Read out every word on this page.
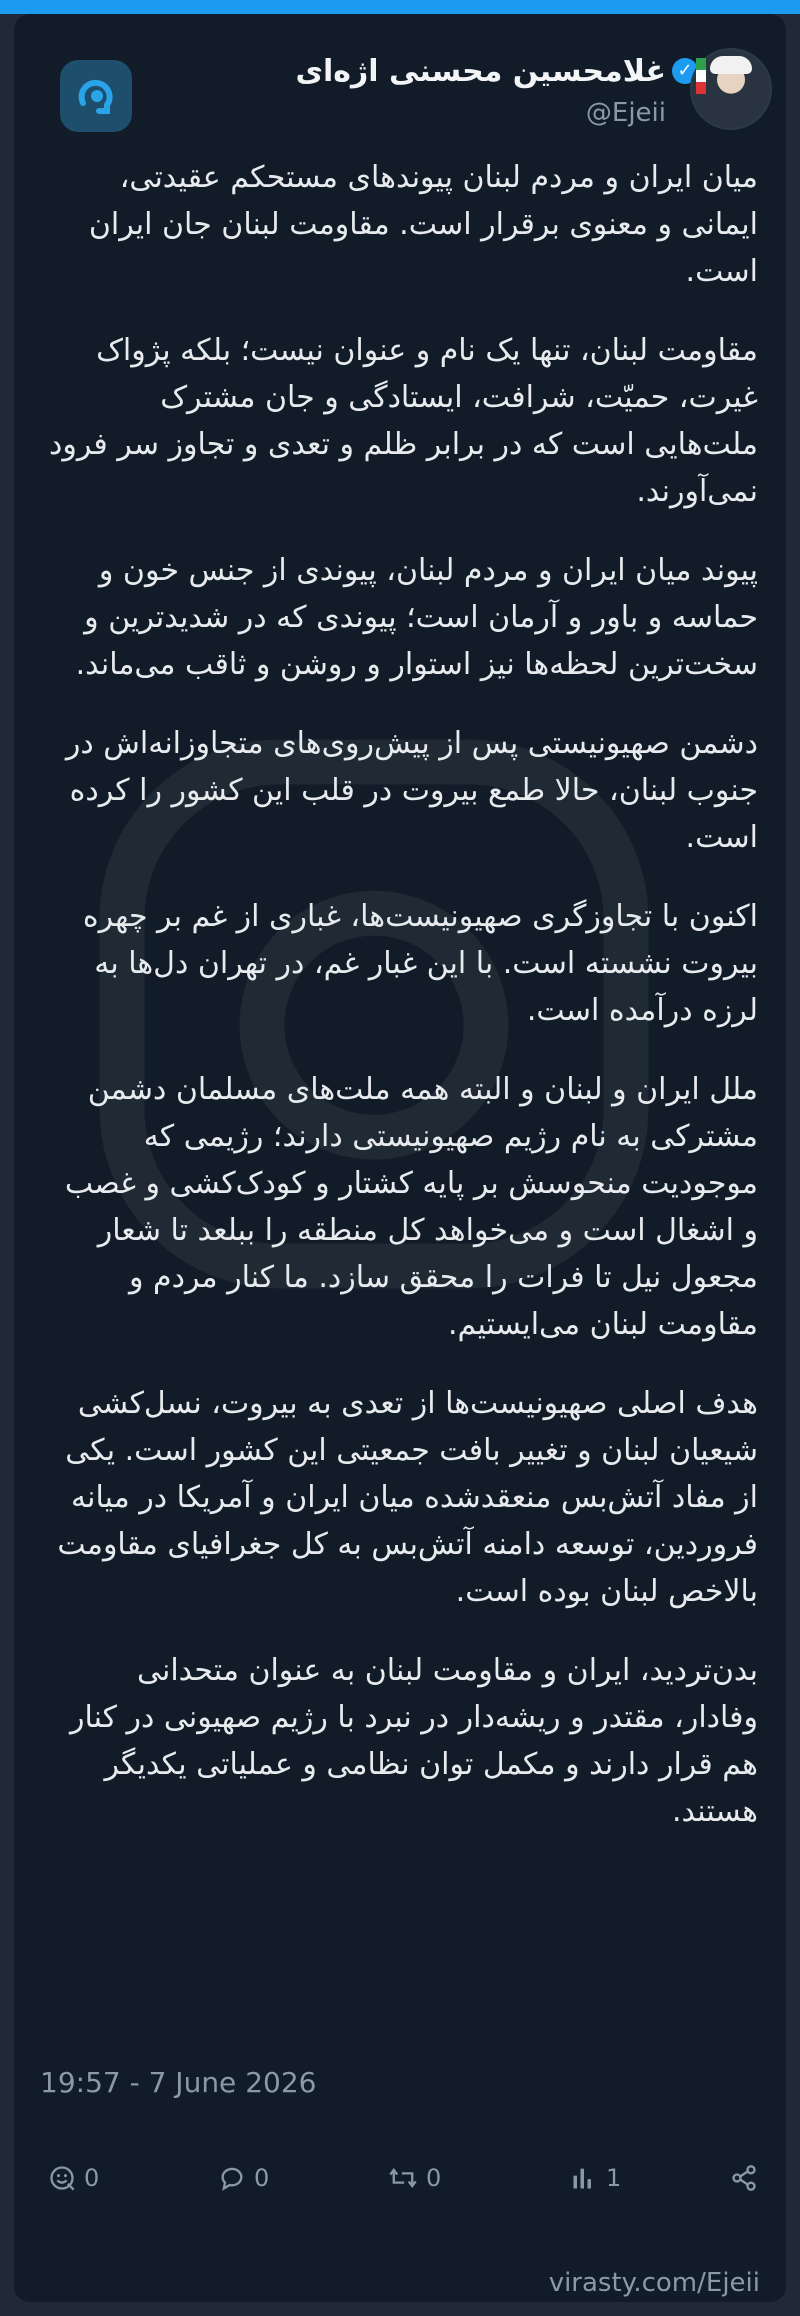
غلامحسین محسنی اژه‌ای ✓
@Ejeii

میان ایران و مردم لبنان پیوندهای مستحکم عقیدتی، ایمانی و معنوی برقرار است. مقاومت لبنان جان ایران است.

مقاومت لبنان، تنها یک نام و عنوان نیست؛ بلکه پژواک غیرت، حمیّت، شرافت، ایستادگی و جان مشترک ملت‌هایی است که در برابر ظلم و تعدی و تجاوز سر فرود نمی‌آورند.

پیوند میان ایران و مردم لبنان، پیوندی از جنس خون و حماسه و باور و آرمان است؛ پیوندی که در شدیدترین و سخت‌ترین لحظه‌ها نیز استوار و روشن و ثاقب می‌ماند.

دشمن صهیونیستی پس از پیش‌روی‌های متجاوزانه‌اش در جنوب لبنان، حالا طمع بیروت در قلب این کشور را کرده است.

اکنون با تجاوزگری صهیونیست‌ها، غباری از غم بر چهره بیروت نشسته است. با این غبار غم، در تهران دل‌ها به لرزه درآمده است.

ملل ایران و لبنان و البته همه ملت‌های مسلمان دشمن مشترکی به نام رژیم صهیونیستی دارند؛ رژیمی که موجودیت منحوسش بر پایه کشتار و کودک‌کشی و غصب و اشغال است و می‌خواهد کل منطقه را ببلعد تا شعار مجعول نیل تا فرات را محقق سازد. ما کنار مردم و مقاومت لبنان می‌ایستیم.

هدف اصلی صهیونیست‌ها از تعدی به بیروت، نسل‌کشی شیعیان لبنان و تغییر بافت جمعیتی این کشور است. یکی از مفاد آتش‌بس منعقدشده میان ایران و آمریکا در میانه فروردین، توسعه دامنه آتش‌بس به کل جغرافیای مقاومت بالاخص لبنان بوده است.

بدن‌تردید، ایران و مقاومت لبنان به عنوان متحدانی وفادار، مقتدر و ریشه‌دار در نبرد با رژیم صهیونی در کنار هم قرار دارند و مکمل توان نظامی و عملیاتی یکدیگر هستند.

19:57 - 7 June 2026
0	0	0	1
virasty.com/Ejeii
